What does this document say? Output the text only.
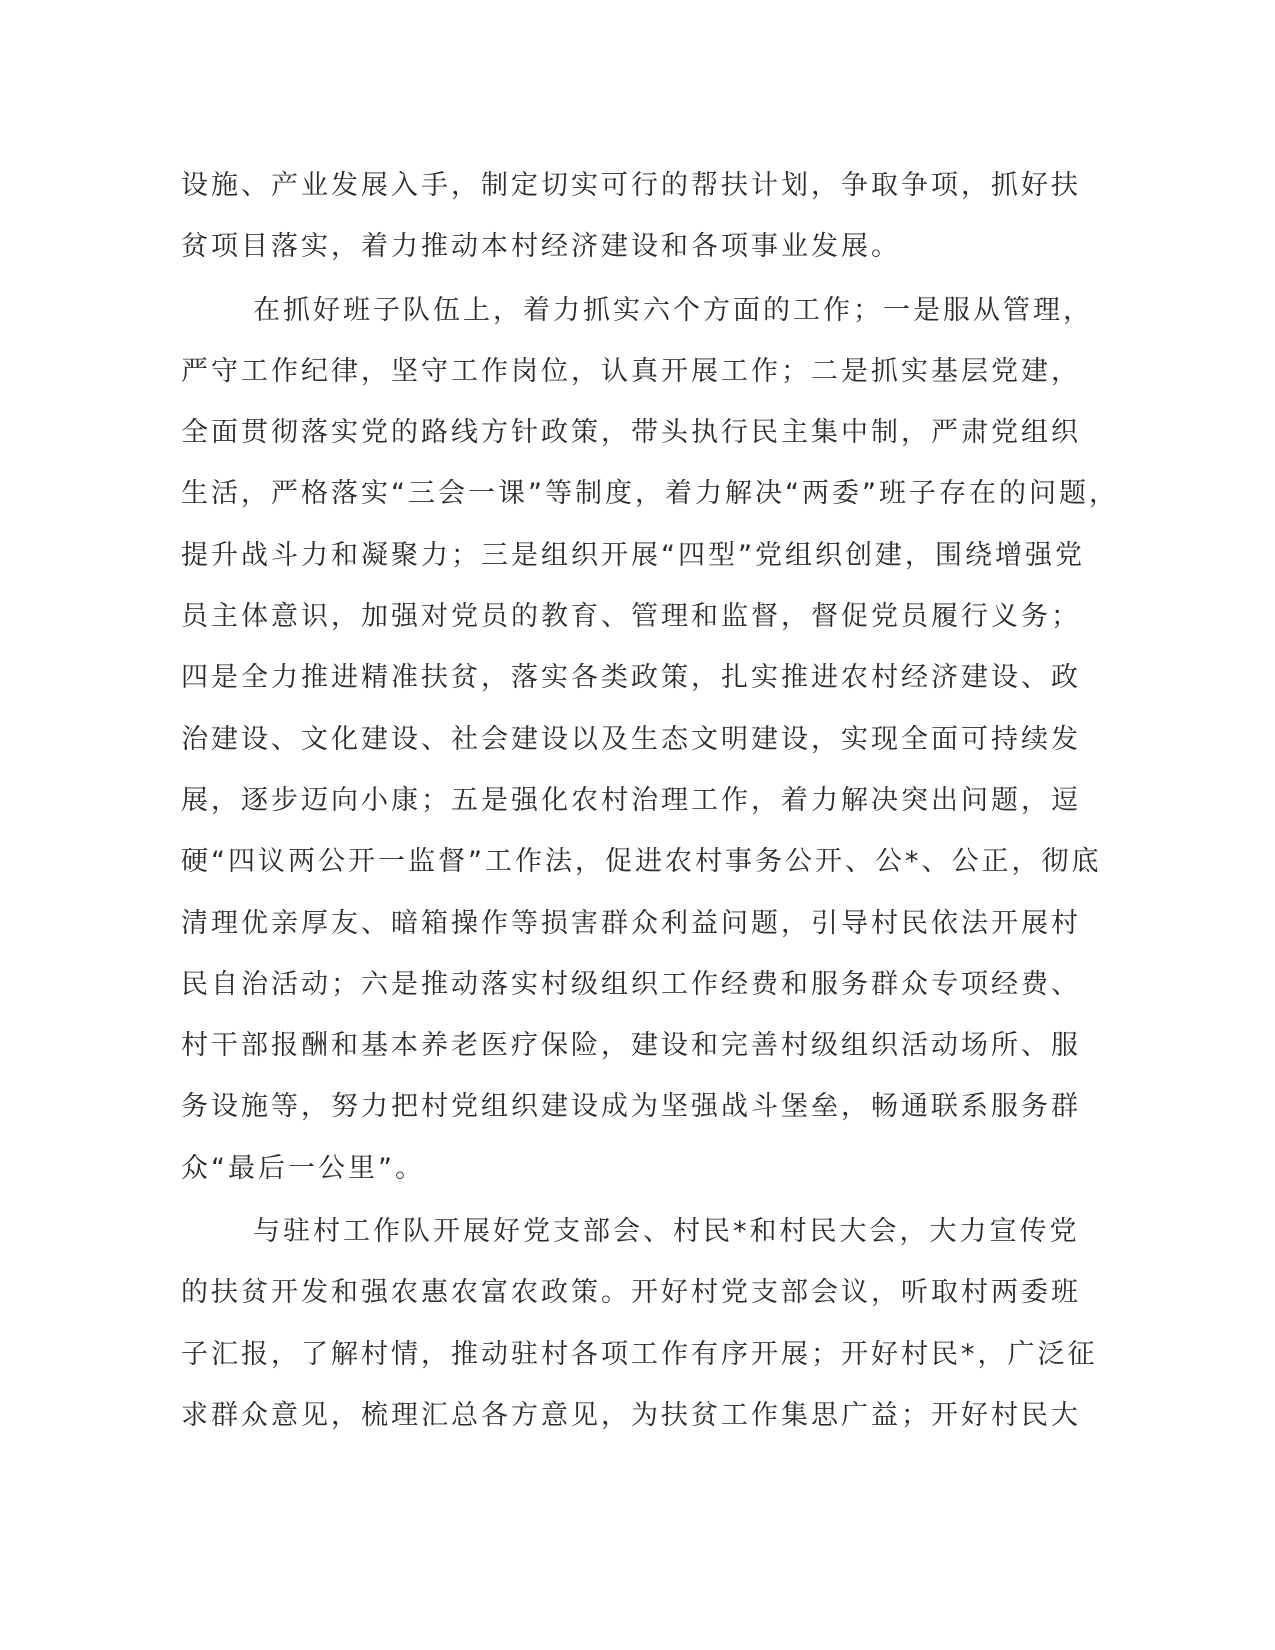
设施、产业发展入手，制定切实可行的帮扶计划，争取争项，抓好扶
贫项目落实，着力推动本村经济建设和各项事业发展。
在抓好班子队伍上，着力抓实六个方面的工作；一是服从管理，
严守工作纪律，坚守工作岗位，认真开展工作；二是抓实基层党建，
全面贯彻落实党的路线方针政策，带头执行民主集中制，严肃党组织
生活，严格落实“三会一课”等制度，着力解决“两委”班子存在的问题，
提升战斗力和凝聚力；三是组织开展“四型”党组织创建，围绕增强党
员主体意识，加强对党员的教育、管理和监督，督促党员履行义务；
四是全力推进精准扶贫，落实各类政策，扎实推进农村经济建设、政
治建设、文化建设、社会建设以及生态文明建设，实现全面可持续发
展，逐步迈向小康；五是强化农村治理工作，着力解决突出问题，逗
硬“四议两公开一监督”工作法，促进农村事务公开、公*、公正，彻底
清理优亲厚友、暗箱操作等损害群众利益问题，引导村民依法开展村
民自治活动；六是推动落实村级组织工作经费和服务群众专项经费、
村干部报酬和基本养老医疗保险，建设和完善村级组织活动场所、服
务设施等，努力把村党组织建设成为坚强战斗堡垒，畅通联系服务群
众“最后一公里”。
与驻村工作队开展好党支部会、村民*和村民大会，大力宣传党
的扶贫开发和强农惠农富农政策。开好村党支部会议，听取村两委班
子汇报，了解村情，推动驻村各项工作有序开展；开好村民*，广泛征
求群众意见，梳理汇总各方意见，为扶贫工作集思广益；开好村民大
